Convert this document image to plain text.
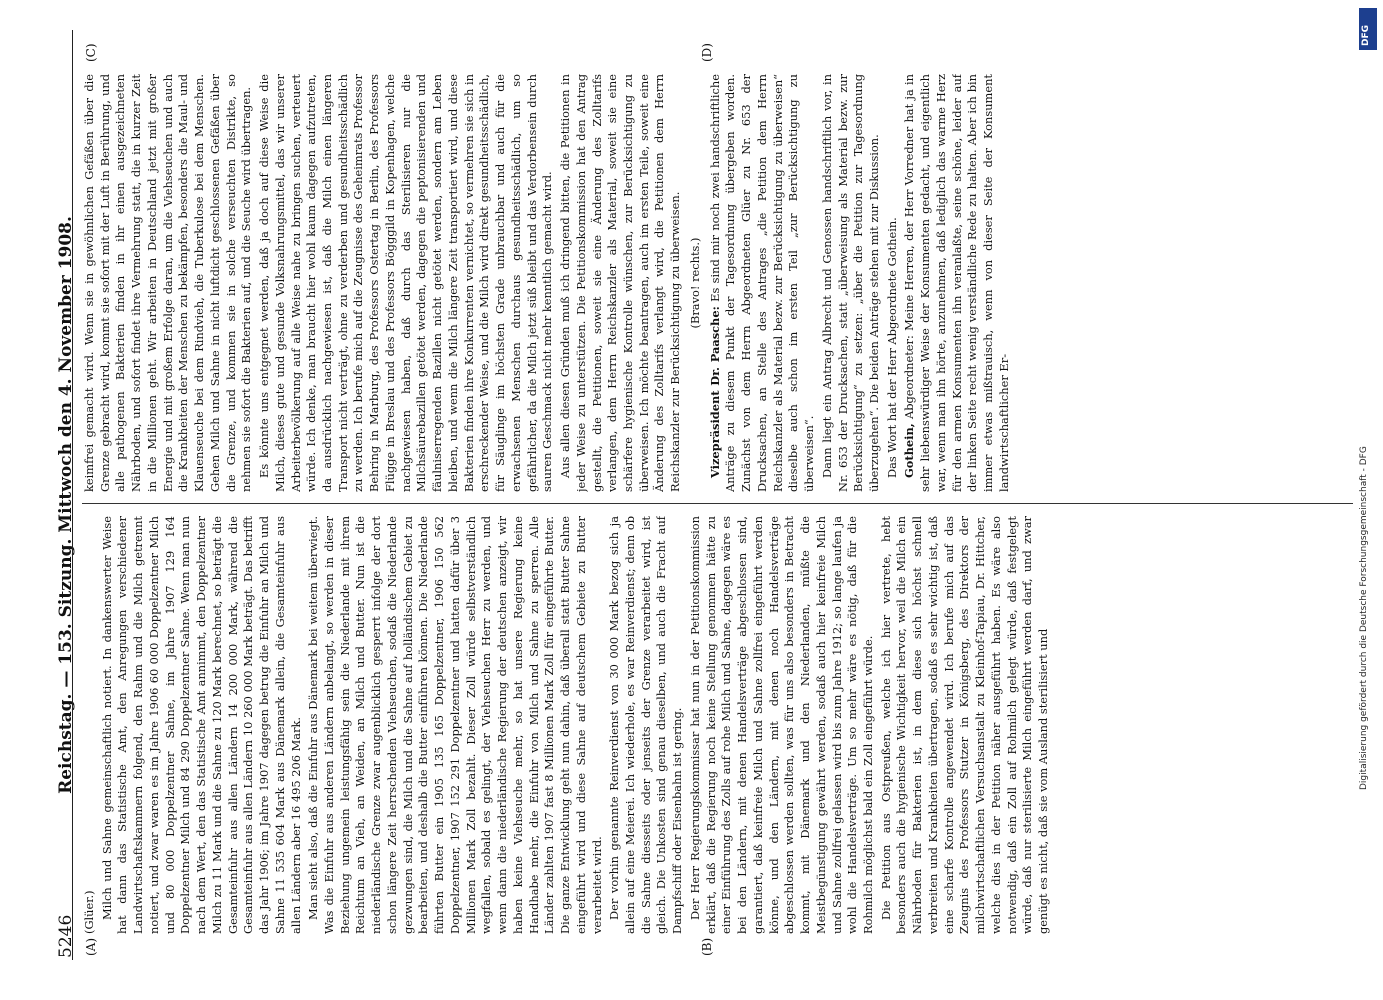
5246
Reichstag. — 153. Sitzung. Mittwoch den 4. November 1908.
(A)	(B)
(C)	(D)

(Glüer.) Milch und Sahne gemeinschaftlich notiert. In dankenswerter Weise hat dann das Statistische Amt, den Anregungen verschiedener Landwirtschaftskammern folgend, den Rahm und die Milch getrennt notiert, und zwar waren es im Jahre 1906 60 000 Doppelzentner Milch und 80 000 Doppelzentner Sahne, im Jahre 1907 129 164 Doppelzentner Milch und 84 290 Doppelzentner Sahne. Wenn man nun nach dem Wert, den das Statistische Amt annimmt, den Doppelzentner Milch zu 11 Mark und die Sahne zu 120 Mark berechnet, so beträgt die Gesamteinfuhr aus allen Ländern 14 200 000 Mark, während die Gesamteinfuhr aus allen Ländern 10 260 000 Mark beträgt. Das betrifft das Jahr 1906; im Jahre 1907 dagegen betrug die Einfuhr an Milch und Sahne 11 535 604 Mark aus Dänemark allein, die Gesamteinfuhr aus allen Ländern aber 16 495 206 Mark. Man sieht also, daß die Einfuhr aus Dänemark bei weitem überwiegt. Was die Einfuhr aus anderen Ländern anbelangt, so werden in dieser Beziehung ungemein leistungsfähig sein die Niederlande mit ihrem Reichtum an Vieh, an Weiden, an Milch und Butter. Nun ist die niederländische Grenze zwar augenblicklich gesperrt infolge der dort schon längere Zeit herrschenden Viehseuchen, sodaß die Niederlande gezwungen sind, die Milch und die Sahne auf holländischem Gebiet zu bearbeiten, und deshalb die Butter einführen können. Die Niederlande führten Butter ein 1905 135 165 Doppelzentner, 1906 150 562 Doppelzentner, 1907 152 291 Doppelzentner und hatten dafür über 3 Millionen Mark Zoll bezahlt. Dieser Zoll würde selbstverständlich wegfallen, sobald es gelingt, der Viehseuchen Herr zu werden, und wenn dann die niederländische Regierung der deutschen anzeigt, wir haben keine Viehseuche mehr, so hat unsere Regierung keine Handhabe mehr, die Einfuhr von Milch und Sahne zu sperren. Alle Länder zahlten 1907 fast 8 Millionen Mark Zoll für eingeführte Butter. Die ganze Entwicklung geht nun dahin, daß überall statt Butter Sahne eingeführt wird und diese Sahne auf deutschem Gebiete zu Butter verarbeitet wird. Der vorhin genannte Reinverdienst von 30 000 Mark bezog sich ja allein auf eine Meierei. Ich wiederhole, es war Reinverdienst; denn ob die Sahne diesseits oder jenseits der Grenze verarbeitet wird, ist gleich. Die Unkosten sind genau dieselben, und auch die Fracht auf Dampfschiff oder Eisenbahn ist gering. Der Herr Regierungskommissar hat nun in der Petitionskommission erklärt, daß die Regierung noch keine Stellung genommen hätte zu einer Einführung des Zolls auf rohe Milch und Sahne, dagegen wäre es bei den Ländern, mit denen Handelsverträge abgeschlossen sind, garantiert, daß keinfreie Milch und Sahne zollfrei eingeführt werden könne, und den Ländern, mit denen noch Handelsverträge abgeschlossen werden sollten, was für uns also besonders in Betracht kommt, mit Dänemark und den Niederlanden, müßte die Meistbegünstigung gewährt werden, sodaß auch hier keinfreie Milch und Sahne zollfrei gelassen wird bis zum Jahre 1912; so lange laufen ja wohl die Handelsverträge. Um so mehr wäre es nötig, daß für die Rohmilch möglichst bald ein Zoll eingeführt würde. Die Petition aus Ostpreußen, welche ich hier vertrete, hebt besonders auch die hygienische Wichtigkeit hervor, weil die Milch ein Nährboden für Bakterien ist, in dem diese sich höchst schnell verbreiten und Krankheiten übertragen, sodaß es sehr wichtig ist, daß eine scharfe Kontrolle angewendet wird. Ich berufe mich auf das Zeugnis des Professors Stutzer in Königsberg, des Direktors der milchwirtschaftlichen Versuchsanstalt zu Kleinhof-Tapiau, Dr. Hittcher, welche dies in der Petition näher ausgeführt haben. Es wäre also notwendig, daß ein Zoll auf Rohmilch gelegt würde, daß festgelegt würde, daß nur sterilisierte Milch eingeführt werden darf, und zwar genügt es nicht, daß sie vom Ausland sterilisiert und

keimfrei gemacht wird. Wenn sie in gewöhnlichen Gefäßen über die Grenze gebracht wird, kommt sie sofort mit der Luft in Berührung, und alle pathogenen Bakterien finden in ihr einen ausgezeichneten Nährboden, und sofort findet ihre Vermehrung statt, die in kurzer Zeit in die Millionen geht. Wir arbeiten in Deutschland jetzt mit großer Energie und mit großem Erfolge daran, um die Viehseuchen und auch die Krankheiten der Menschen zu bekämpfen, besonders die Maul- und Klauenseuche bei dem Rindvieh, die Tuberkulose bei dem Menschen. Gehen Milch und Sahne in nicht luftdicht geschlossenen Gefäßen über die Grenze, und kommen sie in solche verseuchten Distrikte, so nehmen sie sofort die Bakterien auf, und die Seuche wird übertragen. Es könnte uns entgegnet werden, daß ja doch auf diese Weise die Milch, dieses gute und gesunde Volksnahrungsmittel, das wir unserer Arbeiterbevölkerung auf alle Weise nahe zu bringen suchen, verteuert würde. Ich denke, man braucht hier wohl kaum dagegen aufzutreten, da ausdrücklich nachgewiesen ist, daß die Milch einen längeren Transport nicht verträgt, ohne zu verderben und gesundheitsschädlich zu werden. Ich berufe mich auf die Zeugnisse des Geheimrats Professor Behring in Marburg, des Professors Ostertag in Berlin, des Professors Flügge in Breslau und des Professors Bögggild in Kopenhagen, welche nachgewiesen haben, daß durch das Sterilisieren nur die Milchsäurebazillen getötet werden, dagegen die peptonisierenden und fäulniserregenden Bazillen nicht getötet werden, sondern am Leben bleiben, und wenn die Milch längere Zeit transportiert wird, und diese Bakterien finden ihre Konkurrenten vernichtet, so vermehren sie sich in erschreckender Weise, und die Milch wird direkt gesundheitsschädlich, für Säuglinge im höchsten Grade unbrauchbar und auch für die erwachsenen Menschen durchaus gesundheitsschädlich, um so gefährlicher, da die Milch jetzt süß bleibt und das Verdorbensein durch sauren Geschmack nicht mehr kenntlich gemacht wird. Aus allen diesen Gründen muß ich dringend bitten, die Petitionen in jeder Weise zu unterstützen. Die Petitionskommission hat den Antrag gestellt, die Petitionen, soweit sie eine Änderung des Zolltarifs verlangen, dem Herrn Reichskanzler als Material, soweit sie eine schärfere hygienische Kontrolle wünschen, zur Berücksichtigung zu überweisen. Ich möchte beantragen, auch im ersten Teile, soweit eine Änderung des Zolltarifs verlangt wird, die Petitionen dem Herrn Reichskanzler zur Berücksichtigung zu überweisen. (Bravo! rechts.)

Vizepräsident Dr. Paasche: Es sind mir noch zwei handschriftliche Anträge zu diesem Punkt der Tagesordnung übergeben worden. Zunächst von dem Herrn Abgeordneten Glüer zu Nr. 653 der Drucksachen, an Stelle des Antrages „die Petition dem Herrn Reichskanzler als Material bezw. zur Berücksichtigung zu überweisen“ dieselbe auch schon im ersten Teil „zur Berücksichtigung zu überweisen“. Dann liegt ein Antrag Albrecht und Genossen handschriftlich vor, in Nr. 653 der Drucksachen, statt „überweisung als Material bezw. zur Berücksichtigung“ zu setzen: „über die Petition zur Tagesordnung überzugehen“. Die beiden Anträge stehen mit zur Diskussion. Das Wort hat der Herr Abgeordnete Gothein. Gothein, Abgeordneter: Meine Herren, der Herr Vorredner hat ja in sehr liebenswürdiger Weise der Konsumenten gedacht, und eigentlich war, wenn man ihn hörte, anzunehmen, daß lediglich das warme Herz für den armen Konsumenten ihn veranlaßte, seine schöne, leider auf der linken Seite recht wenig verständliche Rede zu halten. Aber ich bin immer etwas mißtrauisch, wenn von dieser Seite der Konsument landwirtschaftlicher Er-

DFG
Digitalisierung gefördert durch die Deutsche Forschungsgemeinschaft - DFG
